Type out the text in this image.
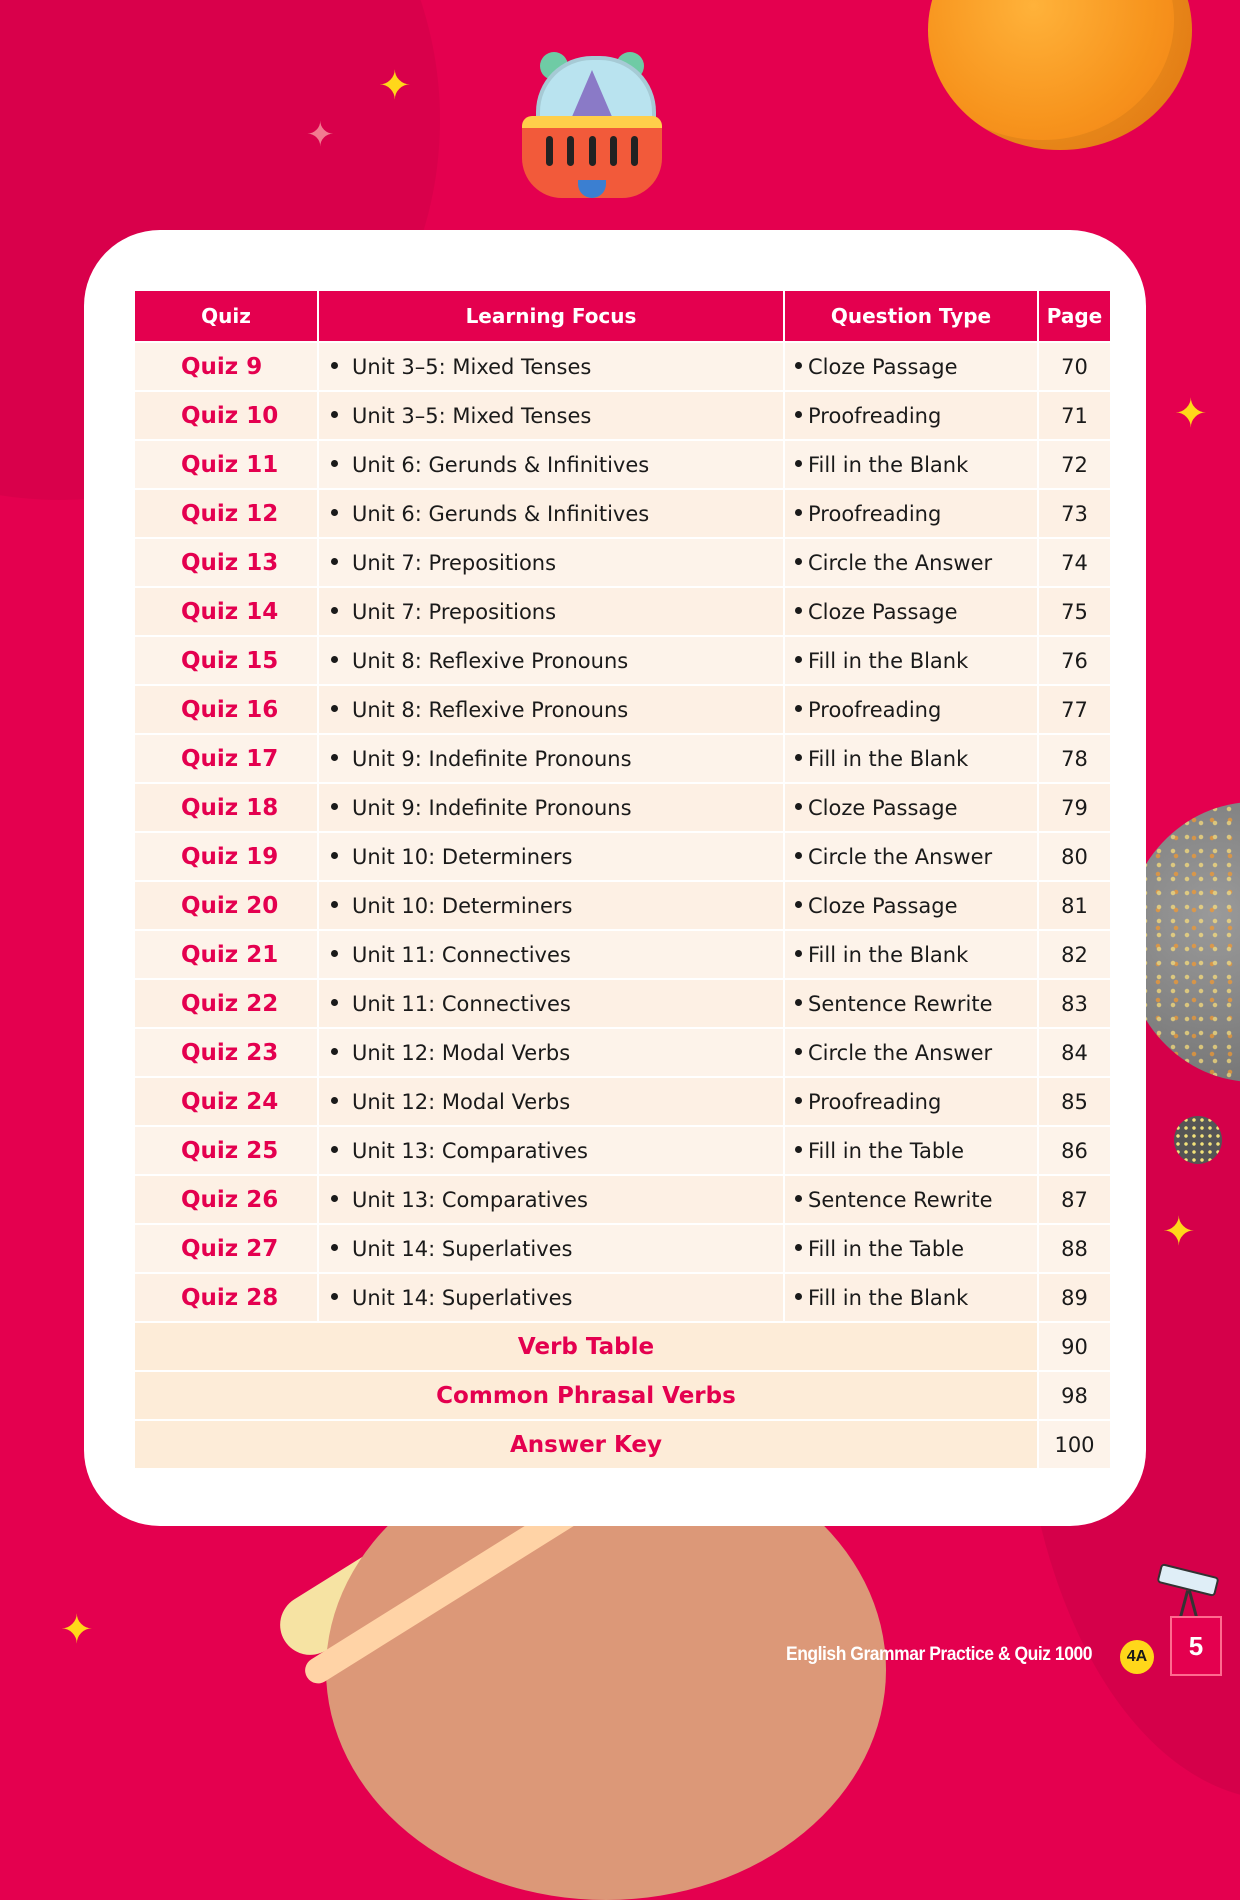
✦
✦
✦
✦
✦
Quiz	Learning Focus	Question Type	Page
Quiz 9	Unit 3–5: Mixed Tenses	Cloze Passage	70
Quiz 10	Unit 3–5: Mixed Tenses	Proofreading	71
Quiz 11	Unit 6: Gerunds & Infinitives	Fill in the Blank	72
Quiz 12	Unit 6: Gerunds & Infinitives	Proofreading	73
Quiz 13	Unit 7: Prepositions	Circle the Answer	74
Quiz 14	Unit 7: Prepositions	Cloze Passage	75
Quiz 15	Unit 8: Reflexive Pronouns	Fill in the Blank	76
Quiz 16	Unit 8: Reflexive Pronouns	Proofreading	77
Quiz 17	Unit 9: Indefinite Pronouns	Fill in the Blank	78
Quiz 18	Unit 9: Indefinite Pronouns	Cloze Passage	79
Quiz 19	Unit 10: Determiners	Circle the Answer	80
Quiz 20	Unit 10: Determiners	Cloze Passage	81
Quiz 21	Unit 11: Connectives	Fill in the Blank	82
Quiz 22	Unit 11: Connectives	Sentence Rewrite	83
Quiz 23	Unit 12: Modal Verbs	Circle the Answer	84
Quiz 24	Unit 12: Modal Verbs	Proofreading	85
Quiz 25	Unit 13: Comparatives	Fill in the Table	86
Quiz 26	Unit 13: Comparatives	Sentence Rewrite	87
Quiz 27	Unit 14: Superlatives	Fill in the Table	88
Quiz 28	Unit 14: Superlatives	Fill in the Blank	89
Verb Table			90
Common Phrasal Verbs			98
Answer Key			100
English Grammar Practice & Quiz 1000	4A	5
